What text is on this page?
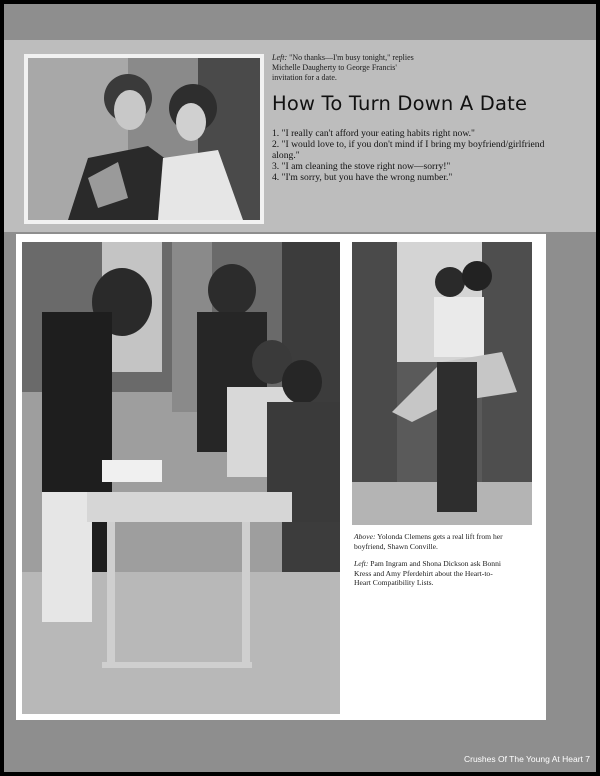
Left: "No thanks—I'm busy tonight," replies Michelle Daugherty to George Francis' invitation for a date.
How To Turn Down A Date
1. "I really can't afford your eating habits right now."
2. "I would love to, if you don't mind if I bring my boyfriend/girlfriend along."
3. "I am cleaning the stove right now—sorry!"
4. "I'm sorry, but you have the wrong number."
Above: Yolonda Clemens gets a real lift from her boyfriend, Shawn Conville.
Left: Pam Ingram and Shona Dickson ask Bonni Kress and Amy Pferdehirt about the Heart-to-Heart Compatibility Lists.
Crushes Of The Young At Heart 7
